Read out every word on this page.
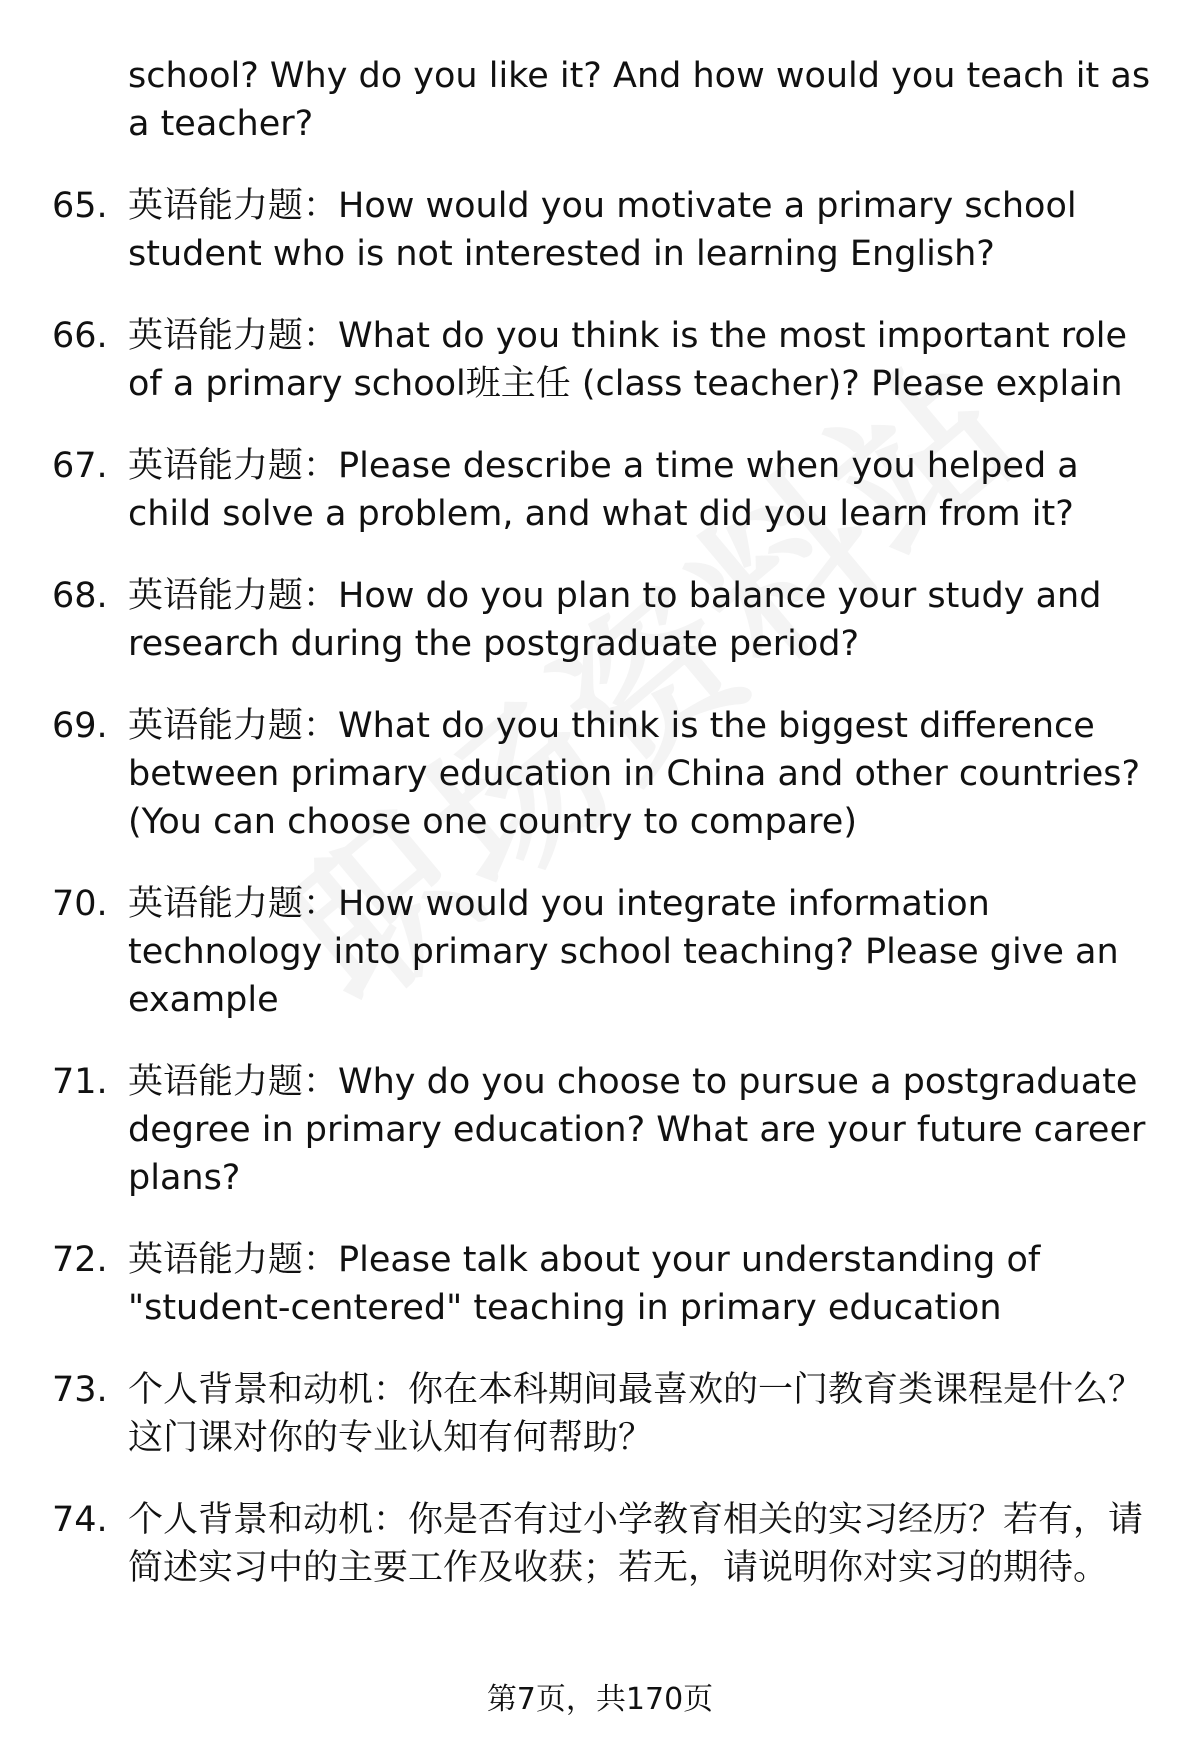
school? Why do you like it? And how would you teach it as a teacher?
65. 英语能力题：How would you motivate a primary school student who is not interested in learning English?
66. 英语能力题：What do you think is the most important role of a primary school班主任 (class teacher)? Please explain
67. 英语能力题：Please describe a time when you helped a child solve a problem, and what did you learn from it?
68. 英语能力题：How do you plan to balance your study and research during the postgraduate period?
69. 英语能力题：What do you think is the biggest difference between primary education in China and other countries? (You can choose one country to compare)
70. 英语能力题：How would you integrate information technology into primary school teaching? Please give an example
71. 英语能力题：Why do you choose to pursue a postgraduate degree in primary education? What are your future career plans?
72. 英语能力题：Please talk about your understanding of "student-centered" teaching in primary education
73. 个人背景和动机：你在本科期间最喜欢的一门教育类课程是什么？这门课对你的专业认知有何帮助？
74. 个人背景和动机：你是否有过小学教育相关的实习经历？若有，请简述实习中的主要工作及收获；若无，请说明你对实习的期待。
第7页，共170页
